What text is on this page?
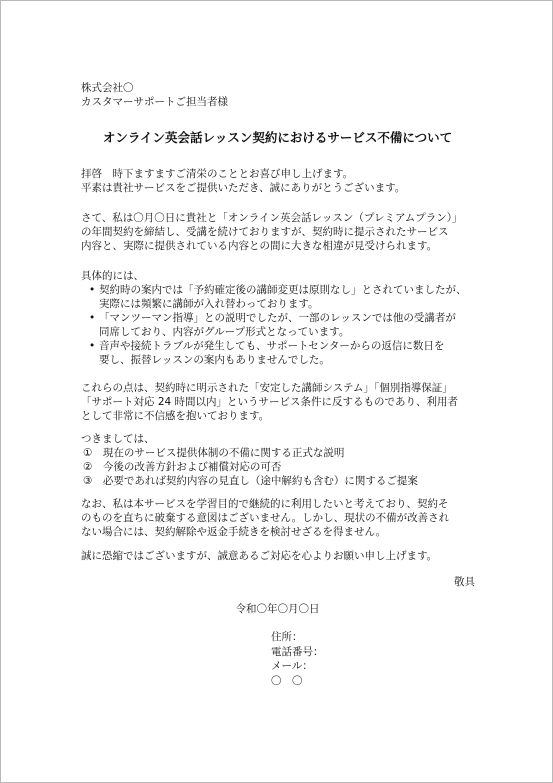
株式会社〇
カスタマーサポートご担当者様
オンライン英会話レッスン契約におけるサービス不備について
拝啓　時下ますますご清栄のこととお喜び申し上げます。
平素は貴社サービスをご提供いただき、誠にありがとうございます。
さて、私は〇月〇日に貴社と「オンライン英会話レッスン（プレミアムプラン）」
の年間契約を締結し、受講を続けておりますが、契約時に提示されたサービス
内容と、実際に提供されている内容との間に大きな相違が見受けられます。
具体的には、
• 契約時の案内では「予約確定後の講師変更は原則なし」とされていましたが、
実際には頻繁に講師が入れ替わっております。
• 「マンツーマン指導」との説明でしたが、一部のレッスンでは他の受講者が
同席しており、内容がグループ形式となっています。
• 音声や接続トラブルが発生しても、サポートセンターからの返信に数日を
要し、振替レッスンの案内もありませんでした。
これらの点は、契約時に明示された「安定した講師システム」「個別指導保証」
「サポート対応 24 時間以内」というサービス条件に反するものであり、利用者
として非常に不信感を抱いております。
つきましては、
①　現在のサービス提供体制の不備に関する正式な説明
②　今後の改善方針および補償対応の可否
③　必要であれば契約内容の見直し（途中解約も含む）に関するご提案
なお、私は本サービスを学習目的で継続的に利用したいと考えており、契約そ
のものを直ちに破棄する意図はございません。しかし、現状の不備が改善され
ない場合には、契約解除や返金手続きを検討せざるを得ません。
誠に恐縮ではございますが、誠意あるご対応を心よりお願い申し上げます。
敬具
令和〇年〇月〇日
住所：
電話番号：
メール：
〇　〇
